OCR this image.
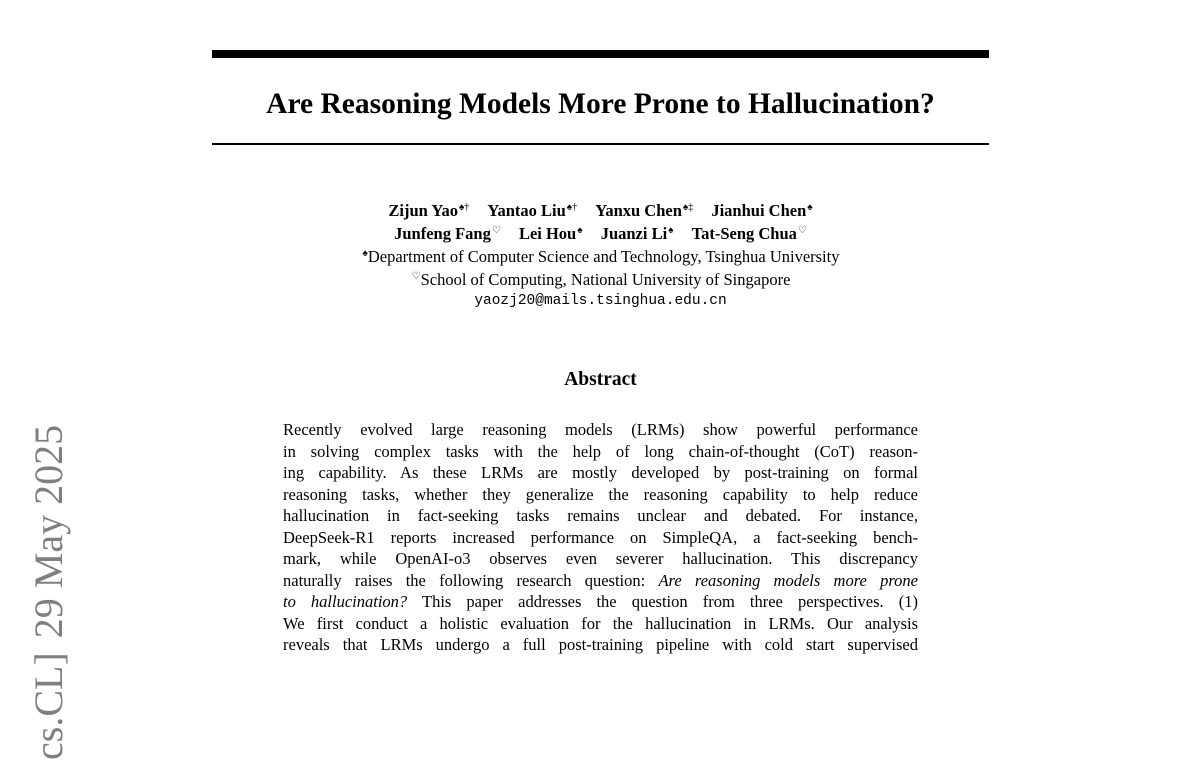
Are Reasoning Models More Prone to Hallucination?
Zijun Yao♠† Yantao Liu♠† Yanxu Chen♠‡ Jianhui Chen♠
Junfeng Fang♡ Lei Hou♠ Juanzi Li♠ Tat-Seng Chua♡
♠Department of Computer Science and Technology, Tsinghua University
♡School of Computing, National University of Singapore
yaozj20@mails.tsinghua.edu.cn
Abstract
Recently evolved large reasoning models (LRMs) show powerful performance
in solving complex tasks with the help of long chain-of-thought (CoT) reason-
ing capability. As these LRMs are mostly developed by post-training on formal
reasoning tasks, whether they generalize the reasoning capability to help reduce
hallucination in fact-seeking tasks remains unclear and debated. For instance,
DeepSeek-R1 reports increased performance on SimpleQA, a fact-seeking bench-
mark, while OpenAI-o3 observes even severer hallucination. This discrepancy
naturally raises the following research question: Are reasoning models more prone
to hallucination? This paper addresses the question from three perspectives. (1)
We first conduct a holistic evaluation for the hallucination in LRMs. Our analysis
reveals that LRMs undergo a full post-training pipeline with cold start supervised
cs.CL]29 May 2025
